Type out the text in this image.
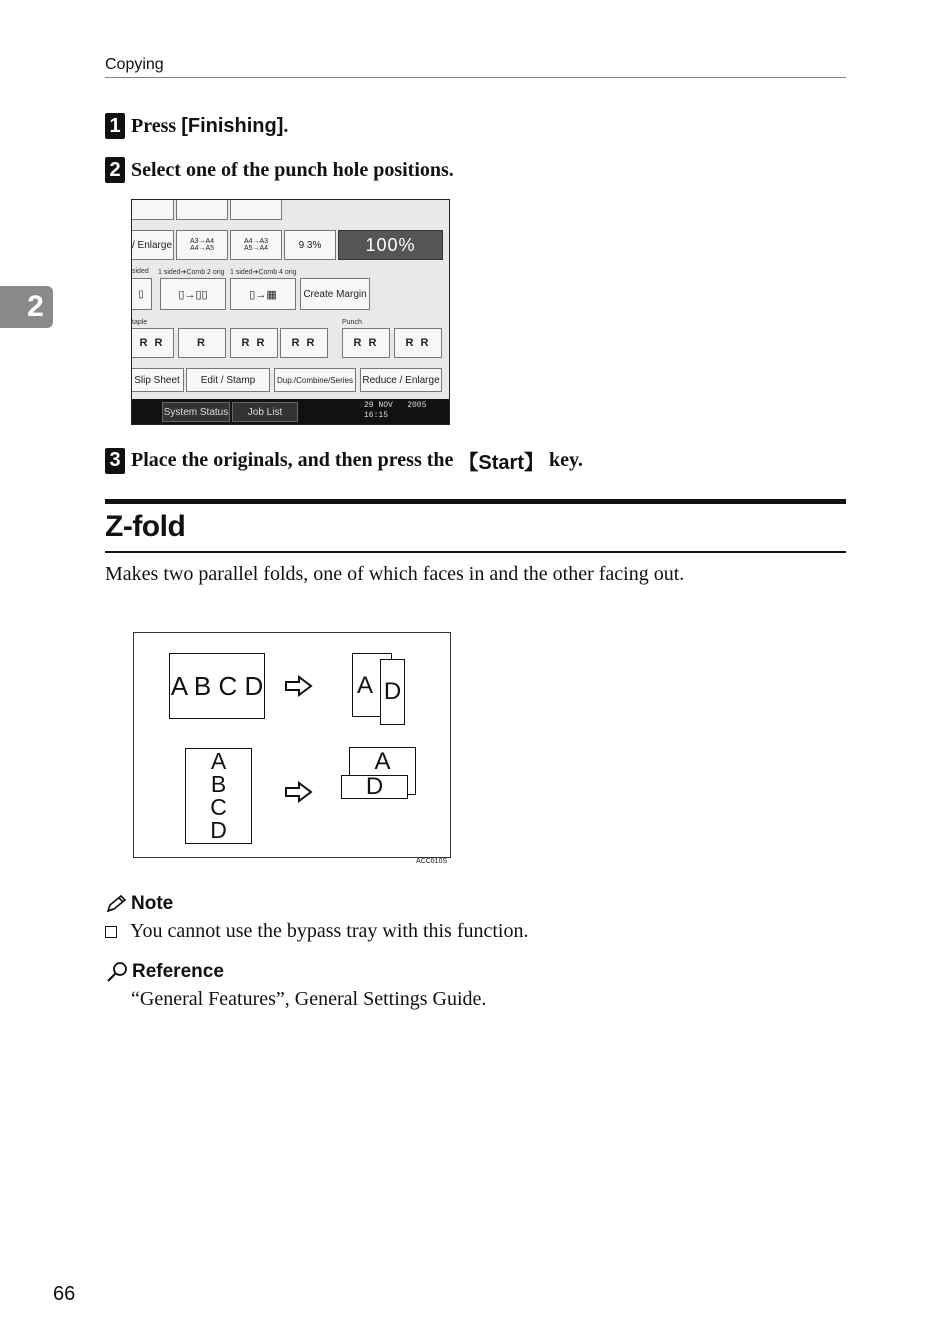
Copying
2
1 Press [Finishing] .
2 Select one of the punch hole positions.
/ Enlarge	A3→A4
A4→A5
A4→A3
A5→A4	9 3%	100%
sided 1 sided➔Comb 2 orig 1 sided➔Comb 4 orig
▯	▯→▯▯	▯→▦	Create Margin
taple	Punch
R R	R	R R R R	R R R R
Slip Sheet	Edit / Stamp	Dup./Combine/Series Reduce / Enlarge
System Status	Job List
29 NOV   2005
16:15
3 Place the originals, and then press the 【Start】 key.
Z-fold
Makes two parallel folds, one of which faces in and the other facing out.
A B C D	A D
A
B
C
D
A
D
ACC010S
Note
You cannot use the bypass tray with this function.
Reference
“General Features”, General Settings Guide.
66
